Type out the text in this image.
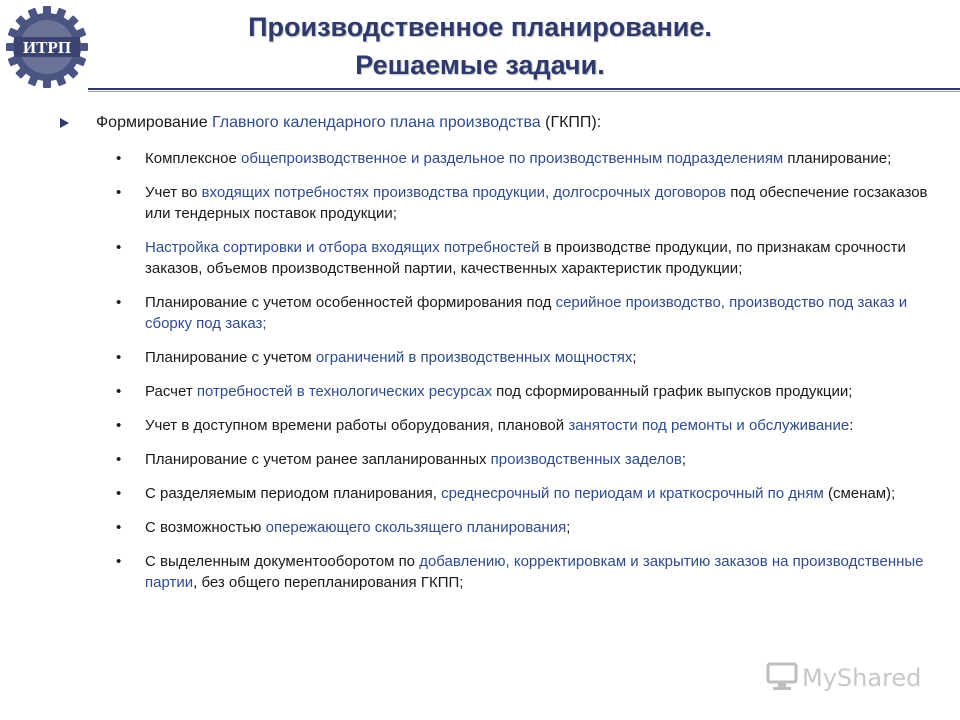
ИТРП
Производственное планирование.
Решаемые задачи.
Формирование Главного календарного плана производства (ГКПП):
• Комплексное общепроизводственное и раздельное по производственным подразделениям планирование;
• Учет во входящих потребностях производства продукции, долгосрочных договоров под обеспечение госзаказов или тендерных поставок продукции;
• Настройка сортировки и отбора входящих потребностей в производстве продукции, по признакам срочности заказов, объемов производственной партии, качественных характеристик продукции;
• Планирование с учетом особенностей формирования под серийное производство, производство под заказ и сборку под заказ;
• Планирование с учетом ограничений в производственных мощностях;
• Расчет потребностей в технологических ресурсах под сформированный график выпусков продукции;
• Учет в доступном времени работы оборудования, плановой занятости под ремонты и обслуживание:
• Планирование с учетом ранее запланированных производственных заделов;
• С разделяемым периодом планирования, среднесрочный по периодам и краткосрочный по дням (сменам);
• С возможностью опережающего скользящего планирования;
• С выделенным документооборотом по добавлению, корректировкам и закрытию заказов на производственные партии, без общего перепланирования ГКПП;
MyShared
